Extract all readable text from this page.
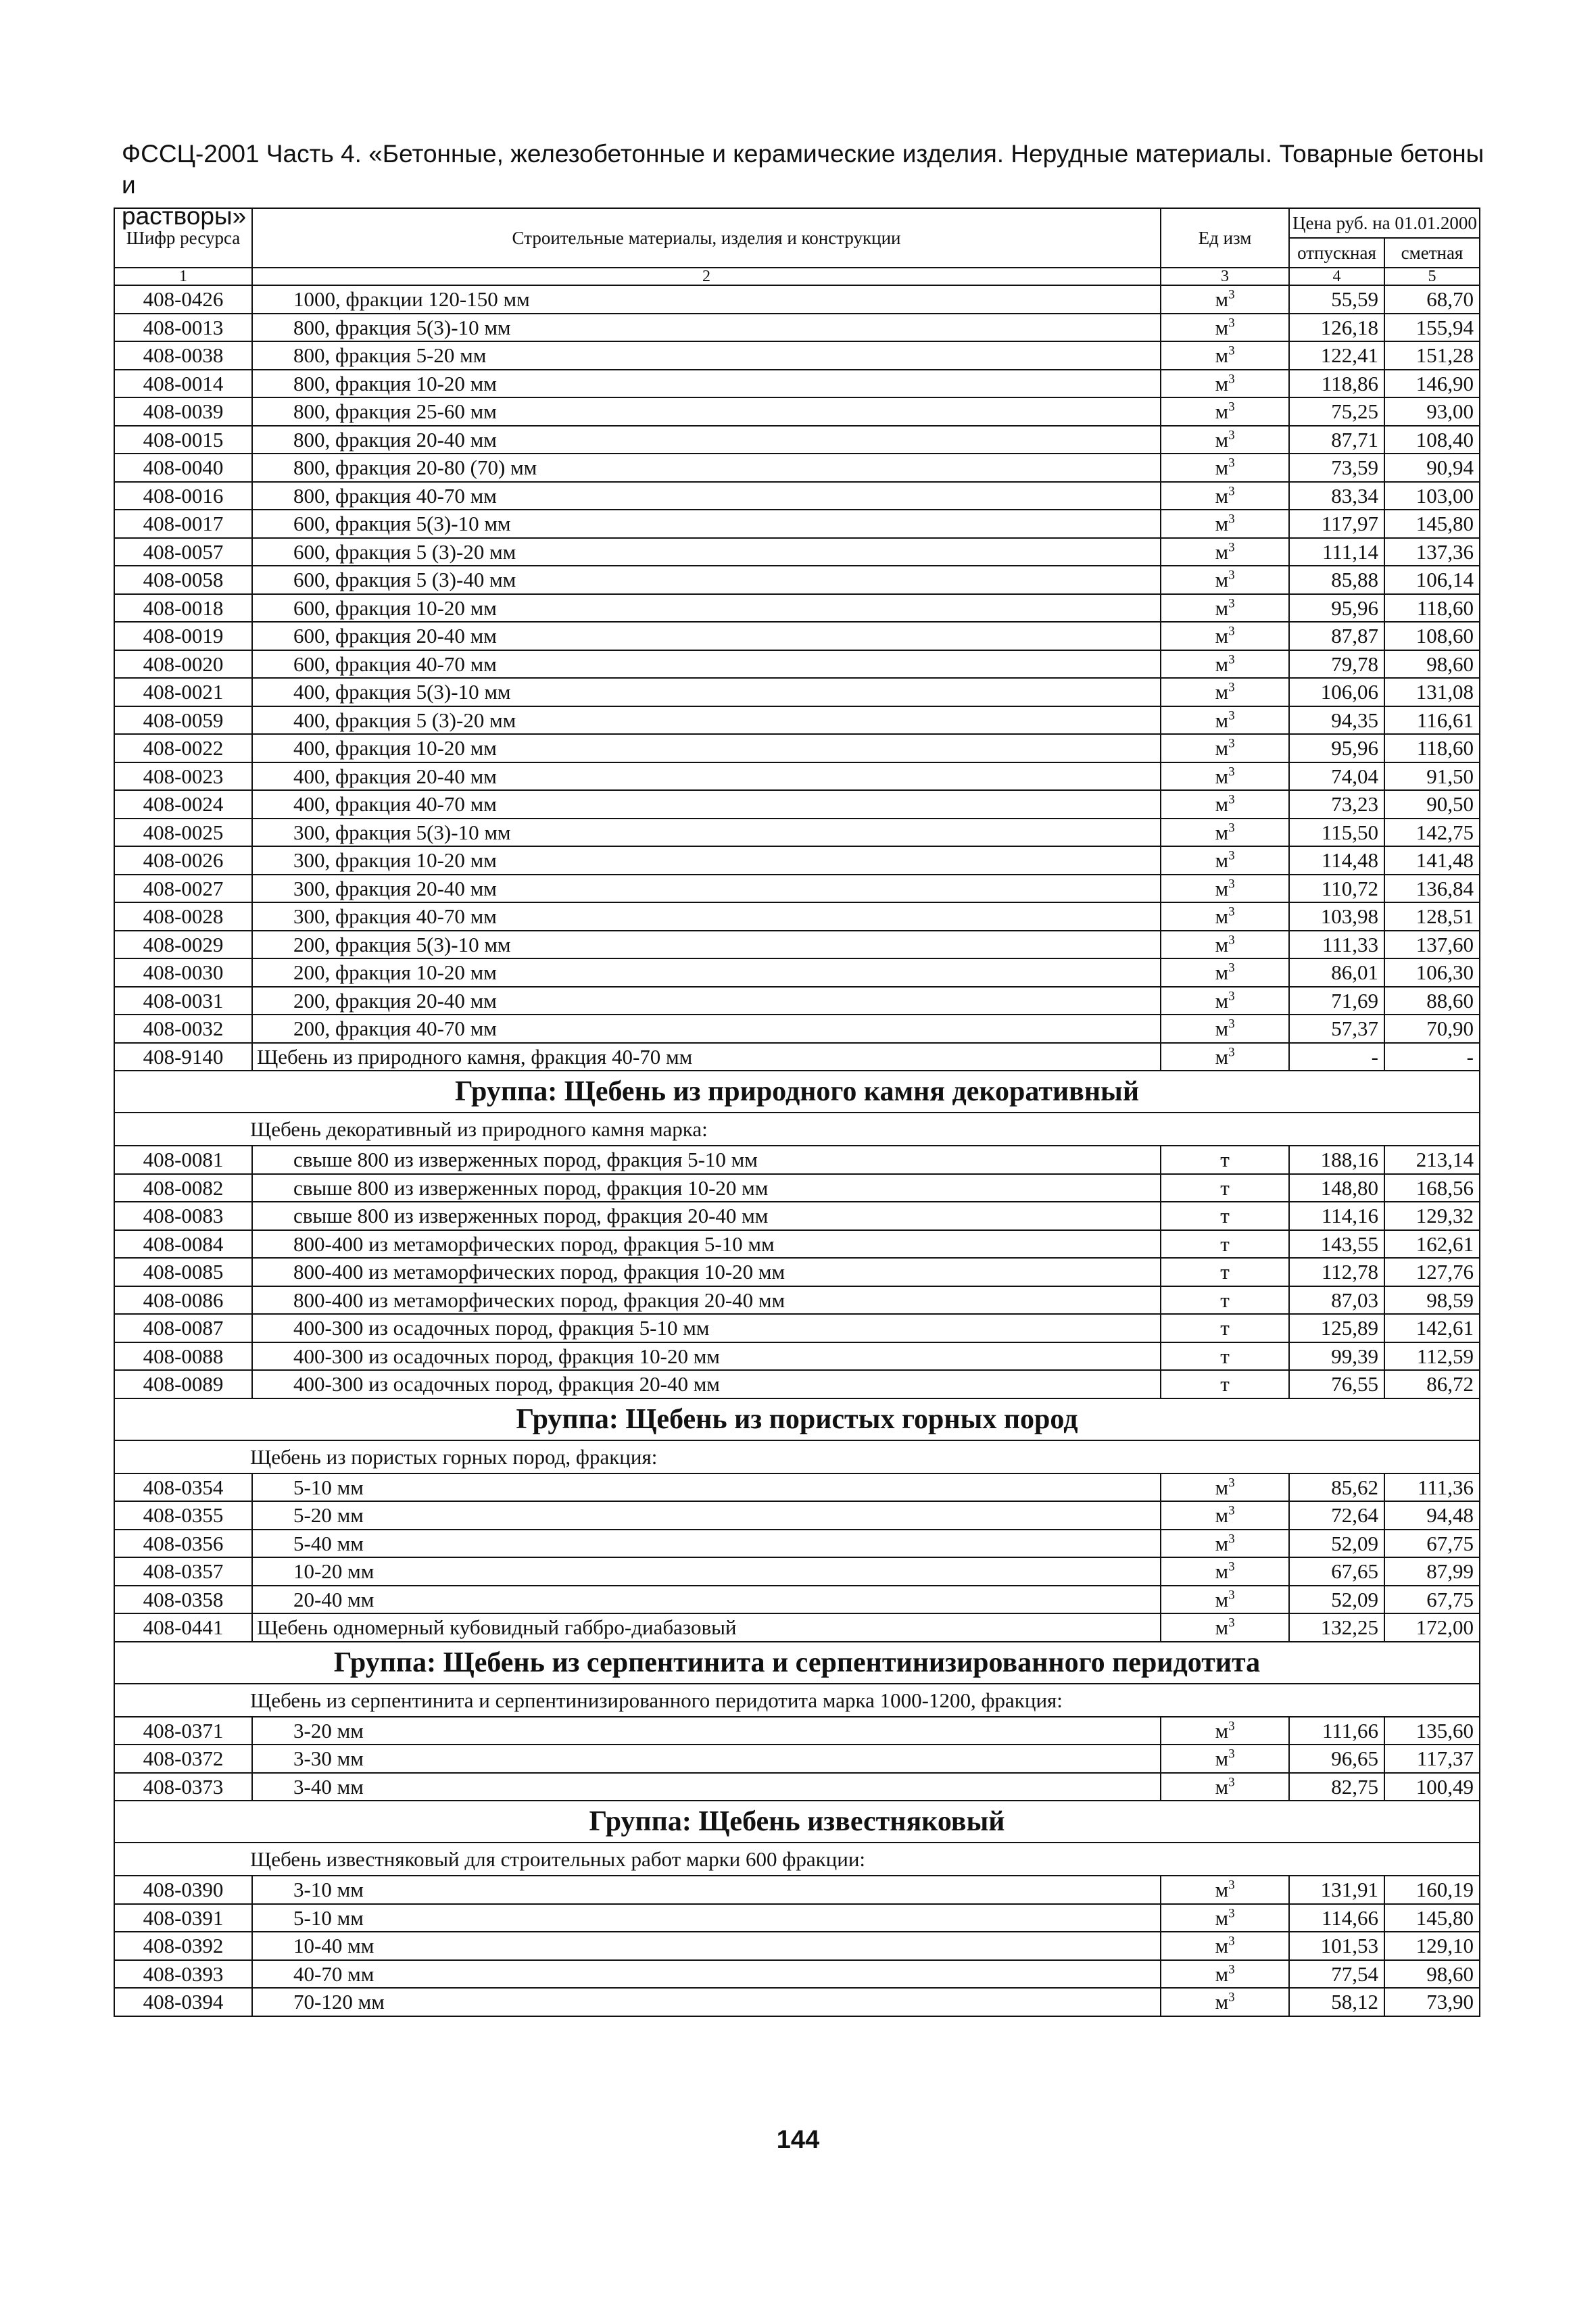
ФССЦ-2001 Часть 4. «Бетонные, железобетонные и керамические изделия. Нерудные материалы. Товарные бетоны и
растворы»
Шифр ресурса	Строительные материалы, изделия и конструкции	Ед изм	Цена руб. на 01.01.2000	
			отпускная	сметная
1	2	3	4	5
408-0426	1000, фракции 120-150 мм	$м^3$	55,59	68,70
408-0013	800, фракция 5(3)-10 мм	$м^3$	126,18	155,94
408-0038	800, фракция 5-20 мм	$м^3$	122,41	151,28
408-0014	800, фракция 10-20 мм	$м^3$	118,86	146,90
408-0039	800, фракция 25-60 мм	$м^3$	75,25	93,00
408-0015	800, фракция 20-40 мм	$м^3$	87,71	108,40
408-0040	800, фракция 20-80 (70) мм	$м^3$	73,59	90,94
408-0016	800, фракция 40-70 мм	$м^3$	83,34	103,00
408-0017	600, фракция 5(3)-10 мм	$м^3$	117,97	145,80
408-0057	600, фракция 5 (3)-20 мм	$м^3$	111,14	137,36
408-0058	600, фракция 5 (3)-40 мм	$м^3$	85,88	106,14
408-0018	600, фракция 10-20 мм	$м^3$	95,96	118,60
408-0019	600, фракция 20-40 мм	$м^3$	87,87	108,60
408-0020	600, фракция 40-70 мм	$м^3$	79,78	98,60
408-0021	400, фракция 5(3)-10 мм	$м^3$	106,06	131,08
408-0059	400, фракция 5 (3)-20 мм	$м^3$	94,35	116,61
408-0022	400, фракция 10-20 мм	$м^3$	95,96	118,60
408-0023	400, фракция 20-40 мм	$м^3$	74,04	91,50
408-0024	400, фракция 40-70 мм	$м^3$	73,23	90,50
408-0025	300, фракция 5(3)-10 мм	$м^3$	115,50	142,75
408-0026	300, фракция 10-20 мм	$м^3$	114,48	141,48
408-0027	300, фракция 20-40 мм	$м^3$	110,72	136,84
408-0028	300, фракция 40-70 мм	$м^3$	103,98	128,51
408-0029	200, фракция 5(3)-10 мм	$м^3$	111,33	137,60
408-0030	200, фракция 10-20 мм	$м^3$	86,01	106,30
408-0031	200, фракция 20-40 мм	$м^3$	71,69	88,60
408-0032	200, фракция 40-70 мм	$м^3$	57,37	70,90
408-9140	Щебень из природного камня, фракция 40-70 мм	$м^3$	-	-
Группа: Щебень из природного камня декоративный				
Щебень декоративный из природного камня марка:				
408-0081	свыше 800 из изверженных пород, фракция 5-10 мм	т	188,16	213,14
408-0082	свыше 800 из изверженных пород, фракция 10-20 мм	т	148,80	168,56
408-0083	свыше 800 из изверженных пород, фракция 20-40 мм	т	114,16	129,32
408-0084	800-400 из метаморфических пород, фракция 5-10 мм	т	143,55	162,61
408-0085	800-400 из метаморфических пород, фракция 10-20 мм	т	112,78	127,76
408-0086	800-400 из метаморфических пород, фракция 20-40 мм	т	87,03	98,59
408-0087	400-300 из осадочных пород, фракция 5-10 мм	т	125,89	142,61
408-0088	400-300 из осадочных пород, фракция 10-20 мм	т	99,39	112,59
408-0089	400-300 из осадочных пород, фракция 20-40 мм	т	76,55	86,72
Группа: Щебень из пористых горных пород				
Щебень из пористых горных пород, фракция:				
408-0354	5-10 мм	$м^3$	85,62	111,36
408-0355	5-20 мм	$м^3$	72,64	94,48
408-0356	5-40 мм	$м^3$	52,09	67,75
408-0357	10-20 мм	$м^3$	67,65	87,99
408-0358	20-40 мм	$м^3$	52,09	67,75
408-0441	Щебень одномерный кубовидный габбро-диабазовый	$м^3$	132,25	172,00
Группа: Щебень из серпентинита и серпентинизированного перидотита				
Щебень из серпентинита и серпентинизированного перидотита марка 1000-1200, фракция:				
408-0371	3-20 мм	$м^3$	111,66	135,60
408-0372	3-30 мм	$м^3$	96,65	117,37
408-0373	3-40 мм	$м^3$	82,75	100,49
Группа: Щебень известняковый				
Щебень известняковый для строительных работ марки 600 фракции:				
408-0390	3-10 мм	$м^3$	131,91	160,19
408-0391	5-10 мм	$м^3$	114,66	145,80
408-0392	10-40 мм	$м^3$	101,53	129,10
408-0393	40-70 мм	$м^3$	77,54	98,60
408-0394	70-120 мм	$м^3$	58,12	73,90
144
